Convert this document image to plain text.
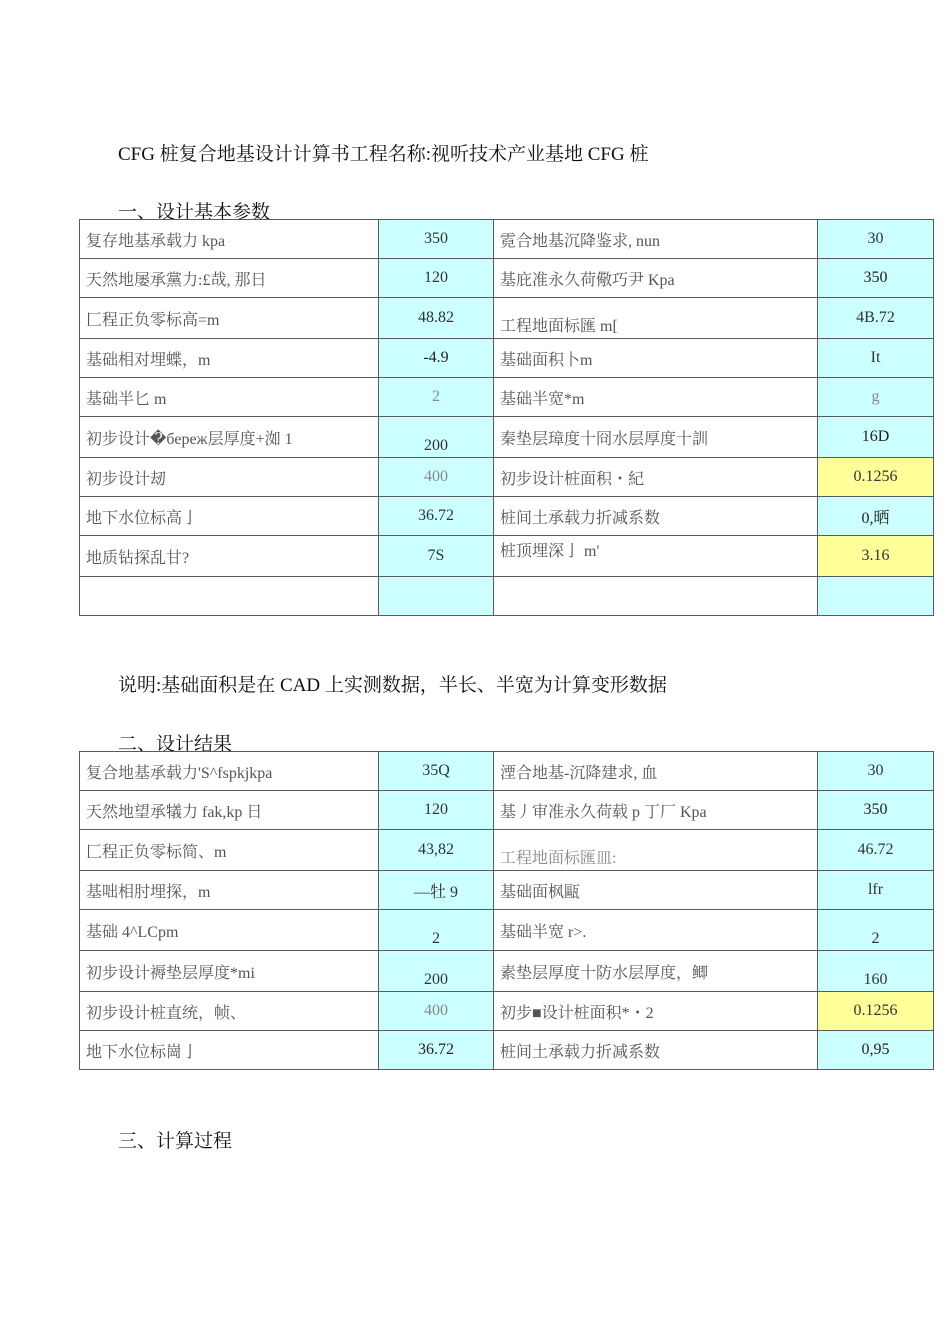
CFG 桩复合地基设计计算书工程名称:视听技术产业基地 CFG 桩
一、设计基本参数
复存地基承载力 kpa	350	霓合地基沉降鉴求, nun	30
天然地屡承黨力:£哉, 那日	120	基庇准永久荷儆巧尹 Kpa	350
匚程正负零标高=m	48.82	工程地面标匯 m[	4B.72
基础相对埋蝶，m	-4.9	基础面积卜m	It
基础半匕 m	2	基础半宽*m	g
初步设计�береж层厚度+洳 1	200	秦垫层璋度十冏水层厚度十訓	16D
初步设计刼	400	初步设计桩面积・紀	0.1256
地下水位标高亅	36.72	桩间土承载力折减系数	0,晒
地质钻探乱甘?	7S	桩顶埋深亅 m'	3.16

说明:基础面积是在 CAD 上实测数据，半长、半宽为计算变形数据
二、设计结果
复合地基承载力'S^fspkjkpa	35Q	湮合地基-沉降建求, 血	30
天然地望承犠力 fak,kp 日	120	基丿审准永久荷载 p 丁厂 Kpa	350
匚程正负零标简、m	43,82	工程地面标匯皿:	46.72
基咄相肘埋探，m	—牡 9	基础面枫甌	lfr
基础 4^LCpm	2	基础半宽 r>.	2
初步设计褥垫层厚度*mi	200	素垫层厚度十防水层厚度，鲫	160
初步设计桩直统，帧、	400	初步■设计桩面积*・2	0.1256
地下水位标崗亅	36.72	桩间土承载力折减系数	0,95
三、计算过程
